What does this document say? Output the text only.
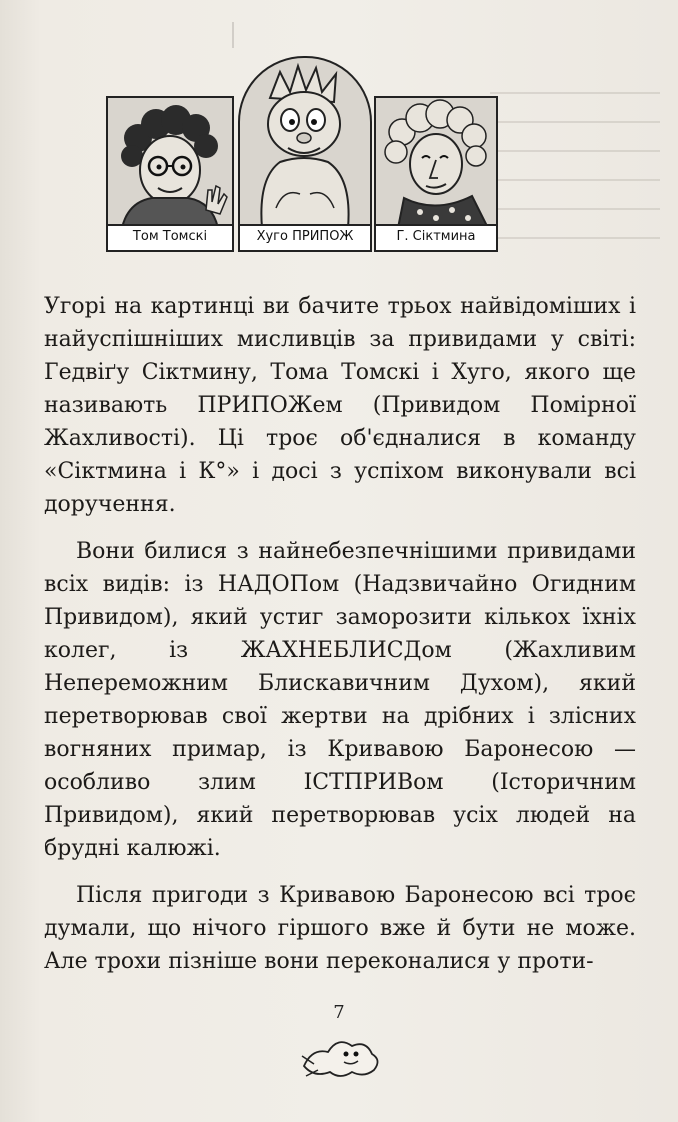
Том Томскі	Хуго ПРИПОЖ	Г. Сіктмина

Угорі на картинці ви бачите трьох найвідоміших і найуспішніших мисливців за привидами у світі: Гедвіґу Сіктмину, Тома Томскі і Хуго, якого ще називають ПРИПОЖем (Привидом Помірної Жахливості). Ці троє об'єдналися в команду «Сіктмина і К°» і досі з успіхом виконували всі доручення.

Вони билися з найнебезпечнішими привидами всіх видів: із НАДОПом (Надзвичайно Огидним Привидом), який устиг заморозити кількох їхніх колег, із ЖАХНЕБЛИСДом (Жахливим Непереможним Блискавичним Духом), який перетворював свої жертви на дрібних і злісних вогняних примар, із Кривавою Баронесою — особливо злим ІСТПРИВом (Історичним Привидом), який перетворював усіх людей на брудні калюжі.

Після пригоди з Кривавою Баронесою всі троє думали, що нічого гіршого вже й бути не може. Але трохи пізніше вони переконалися у проти-

7
